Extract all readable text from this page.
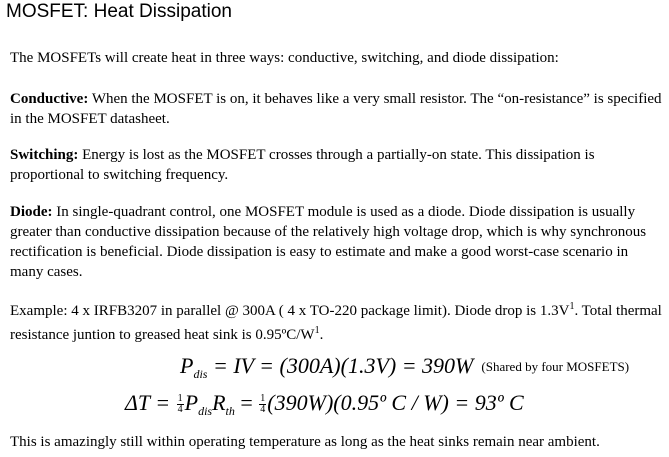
MOSFET: Heat Dissipation

The MOSFETs will create heat in three ways: conductive, switching, and diode dissipation:

Conductive: When the MOSFET is on, it behaves like a very small resistor. The “on-resistance” is specified in the MOSFET datasheet.

Switching: Energy is lost as the MOSFET crosses through a partially-on state. This dissipation is proportional to switching frequency.

Diode: In single-quadrant control, one MOSFET module is used as a diode. Diode dissipation is usually greater than conductive dissipation because of the relatively high voltage drop, which is why synchronous rectification is beneficial. Diode dissipation is easy to estimate and make a good worst-case scenario in many cases.

Example: 4 x IRFB3207 in parallel @ 300A ( 4 x TO-220 package limit). Diode drop is $1.3V^1$. Total thermal resistance juntion to greased heat sink is $0.95ºC/W^1$.

$P_{dis}$ = IV = (300A)(1.3V) = 390W (Shared by four MOSFETS)
$\Delta T = \frac{1}{4} P_{dis}R_{th} = \frac{1}{4}$ (390W)(0.95º C / W) = 93º C

This is amazingly still within operating temperature as long as the heat sinks remain near ambient.
